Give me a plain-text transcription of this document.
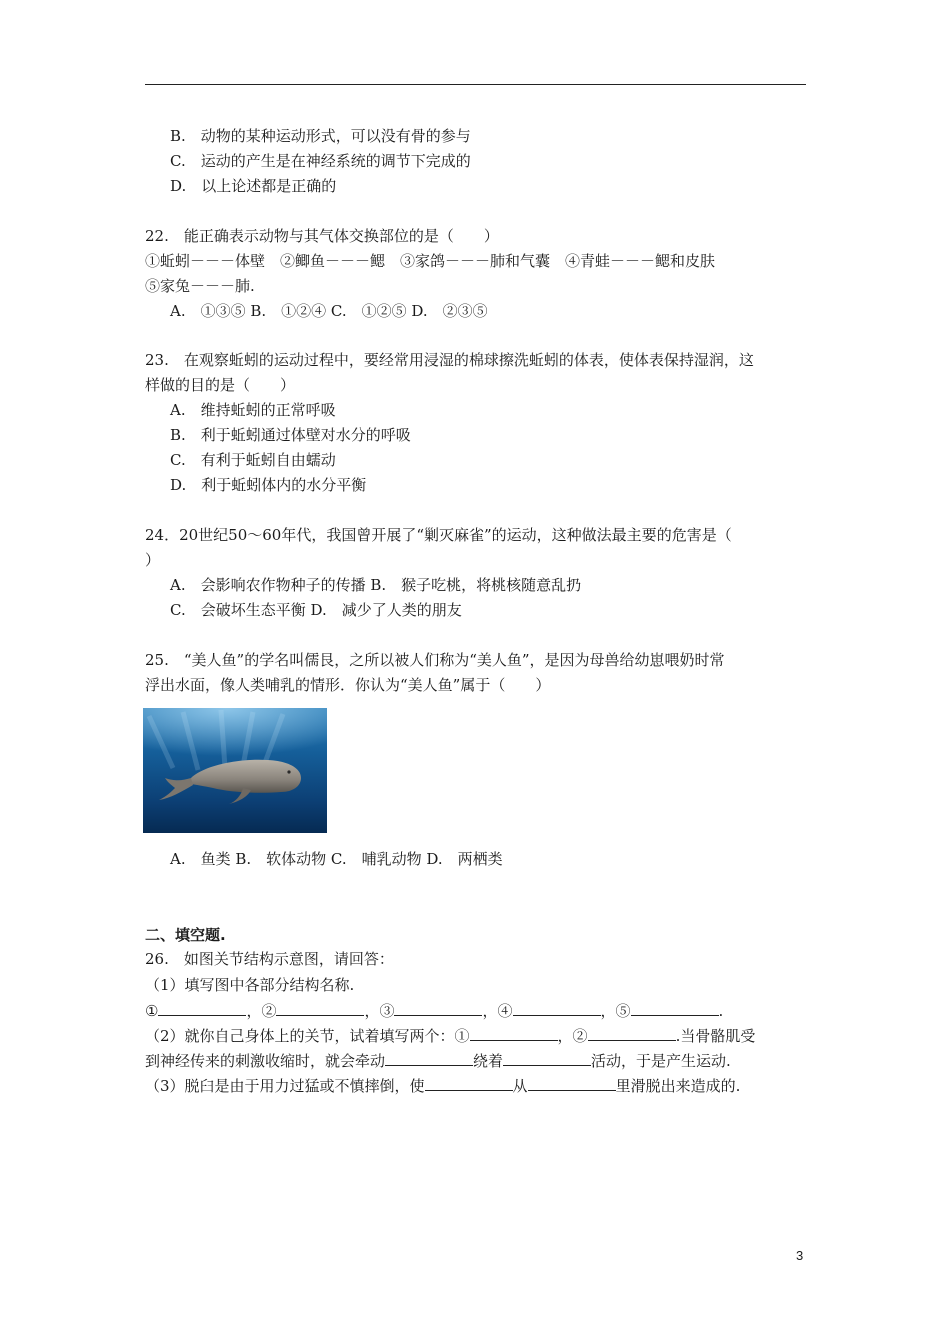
B.　动物的某种运动形式，可以没有骨的参与
C.　运动的产生是在神经系统的调节下完成的
D.　以上论述都是正确的
22.　能正确表示动物与其气体交换部位的是（　　）
①蚯蚓－－－体壁　②鲫鱼－－－鳃　③家鸽－－－肺和气囊　④青蛙－－－鳃和皮肤
⑤家兔－－－肺.
A.　①③⑤ B.　①②④ C.　①②⑤ D.　②③⑤
23.　在观察蚯蚓的运动过程中，要经常用浸湿的棉球擦洗蚯蚓的体表，使体表保持湿润，这
样做的目的是（　　）
A.　维持蚯蚓的正常呼吸
B.　利于蚯蚓通过体壁对水分的呼吸
C.　有利于蚯蚓自由蠕动
D.　利于蚯蚓体内的水分平衡
24．20世纪50～60年代，我国曾开展了“剿灭麻雀”的运动，这种做法最主要的危害是（
）
A.　会影响农作物种子的传播 B.　猴子吃桃，将桃核随意乱扔
C.　会破坏生态平衡 D.　减少了人类的朋友
25.　“美人鱼”的学名叫儒艮，之所以被人们称为“美人鱼”，是因为母兽给幼崽喂奶时常
浮出水面，像人类哺乳的情形．你认为“美人鱼”属于（　　）
A.　鱼类 B.　软体动物 C.　哺乳动物 D.　两栖类
二、填空题.
26.　如图关节结构示意图，请回答：
（1）填写图中各部分结构名称.
①	，②	，③	，④	，⑤	.
（2）就你自己身体上的关节，试着填写两个：①	，②	.当骨骼肌受
到神经传来的刺激收缩时，就会牵动	绕着	活动，于是产生运动.
（3）脱臼是由于用力过猛或不慎摔倒，使	从	里滑脱出来造成的.
3
